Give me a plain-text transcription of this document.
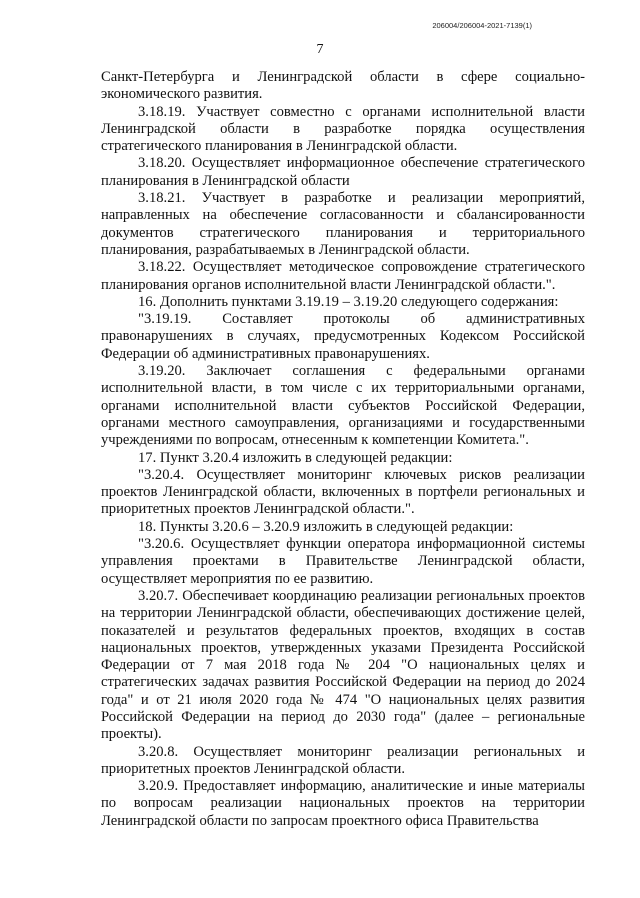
206004/206004-2021-7139(1)
7

Санкт-Петербурга и Ленинградской области в сфере социально-экономического развития.

3.18.19. Участвует совместно с органами исполнительной власти Ленинградской области в разработке порядка осуществления стратегического планирования в Ленинградской области.

3.18.20. Осуществляет информационное обеспечение стратегического планирования в Ленинградской области

3.18.21. Участвует в разработке и реализации мероприятий, направленных на обеспечение согласованности и сбалансированности документов стратегического планирования и территориального планирования, разрабатываемых в Ленинградской области.

3.18.22. Осуществляет методическое сопровождение стратегического планирования органов исполнительной власти Ленинградской области.".

16. Дополнить пунктами 3.19.19 – 3.19.20 следующего содержания:

"3.19.19. Составляет протоколы об административных правонарушениях в случаях, предусмотренных Кодексом Российской Федерации об административных правонарушениях.

3.19.20. Заключает соглашения с федеральными органами исполнительной власти, в том числе с их территориальными органами, органами исполнительной власти субъектов Российской Федерации, органами местного самоуправления, организациями и государственными учреждениями по вопросам, отнесенным к компетенции Комитета.".

17. Пункт 3.20.4 изложить в следующей редакции:

"3.20.4. Осуществляет мониторинг ключевых рисков реализации проектов Ленинградской области, включенных в портфели региональных и приоритетных проектов Ленинградской области.".

18. Пункты 3.20.6 – 3.20.9 изложить в следующей редакции:

"3.20.6. Осуществляет функции оператора информационной системы управления проектами в Правительстве Ленинградской области, осуществляет мероприятия по ее развитию.

3.20.7. Обеспечивает координацию реализации региональных проектов на территории Ленинградской области, обеспечивающих достижение целей, показателей и результатов федеральных проектов, входящих в состав национальных проектов, утвержденных указами Президента Российской Федерации от 7 мая 2018 года № 204 "О национальных целях и стратегических задачах развития Российской Федерации на период до 2024 года" и от 21 июля 2020 года № 474 "О национальных целях развития Российской Федерации на период до 2030 года" (далее – региональные проекты).

3.20.8. Осуществляет мониторинг реализации региональных и приоритетных проектов Ленинградской области.

3.20.9. Предоставляет информацию, аналитические и иные материалы по вопросам реализации национальных проектов на территории Ленинградской области по запросам проектного офиса Правительства
